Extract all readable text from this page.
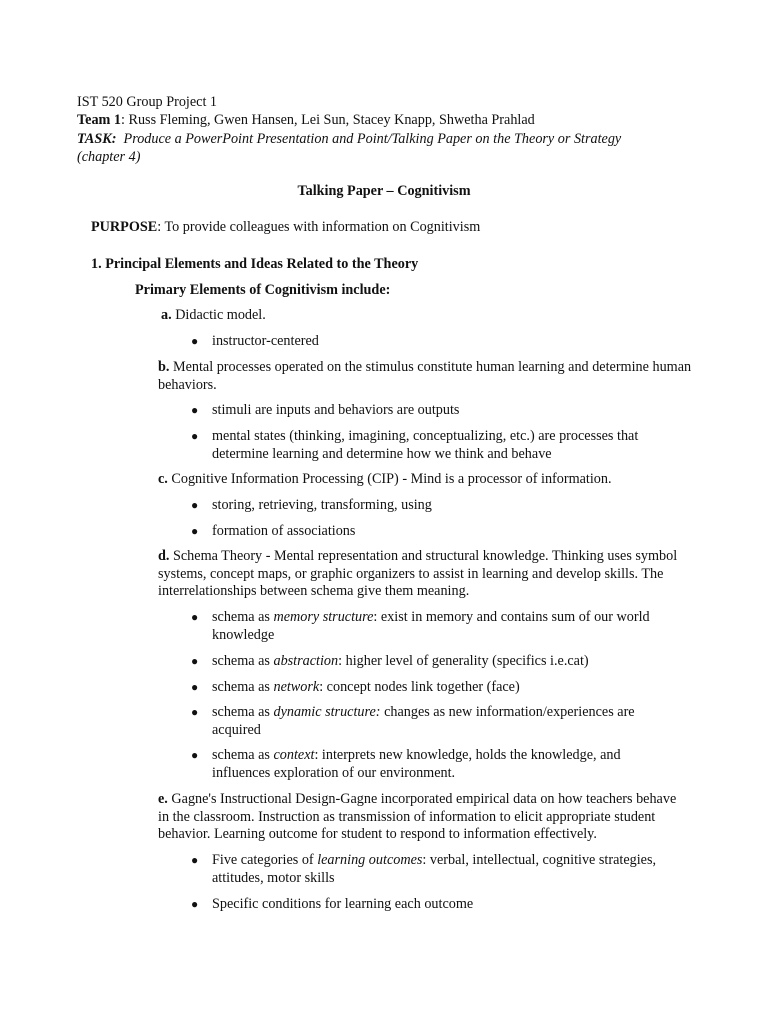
IST 520 Group Project 1
Team 1: Russ Fleming, Gwen Hansen, Lei Sun, Stacey Knapp, Shwetha Prahlad
TASK: Produce a PowerPoint Presentation and Point/Talking Paper on the Theory or Strategy
(chapter 4)
Talking Paper – Cognitivism
PURPOSE: To provide colleagues with information on Cognitivism
1. Principal Elements and Ideas Related to the Theory
Primary Elements of Cognitivism include:
a. Didactic model.
● instructor-centered
b. Mental processes operated on the stimulus constitute human learning and determine human behaviors.
● stimuli are inputs and behaviors are outputs
● mental states (thinking, imagining, conceptualizing, etc.) are processes that determine learning and determine how we think and behave
c. Cognitive Information Processing (CIP) - Mind is a processor of information.
● storing, retrieving, transforming, using
● formation of associations
d. Schema Theory - Mental representation and structural knowledge. Thinking uses symbol systems, concept maps, or graphic organizers to assist in learning and develop skills. The interrelationships between schema give them meaning.
● schema as memory structure: exist in memory and contains sum of our world knowledge
● schema as abstraction: higher level of generality (specifics i.e.cat)
● schema as network: concept nodes link together (face)
● schema as dynamic structure: changes as new information/experiences are acquired
● schema as context: interprets new knowledge, holds the knowledge, and influences exploration of our environment.
e. Gagne's Instructional Design-Gagne incorporated empirical data on how teachers behave in the classroom. Instruction as transmission of information to elicit appropriate student behavior. Learning outcome for student to respond to information effectively.
● Five categories of learning outcomes: verbal, intellectual, cognitive strategies, attitudes, motor skills
● Specific conditions for learning each outcome
